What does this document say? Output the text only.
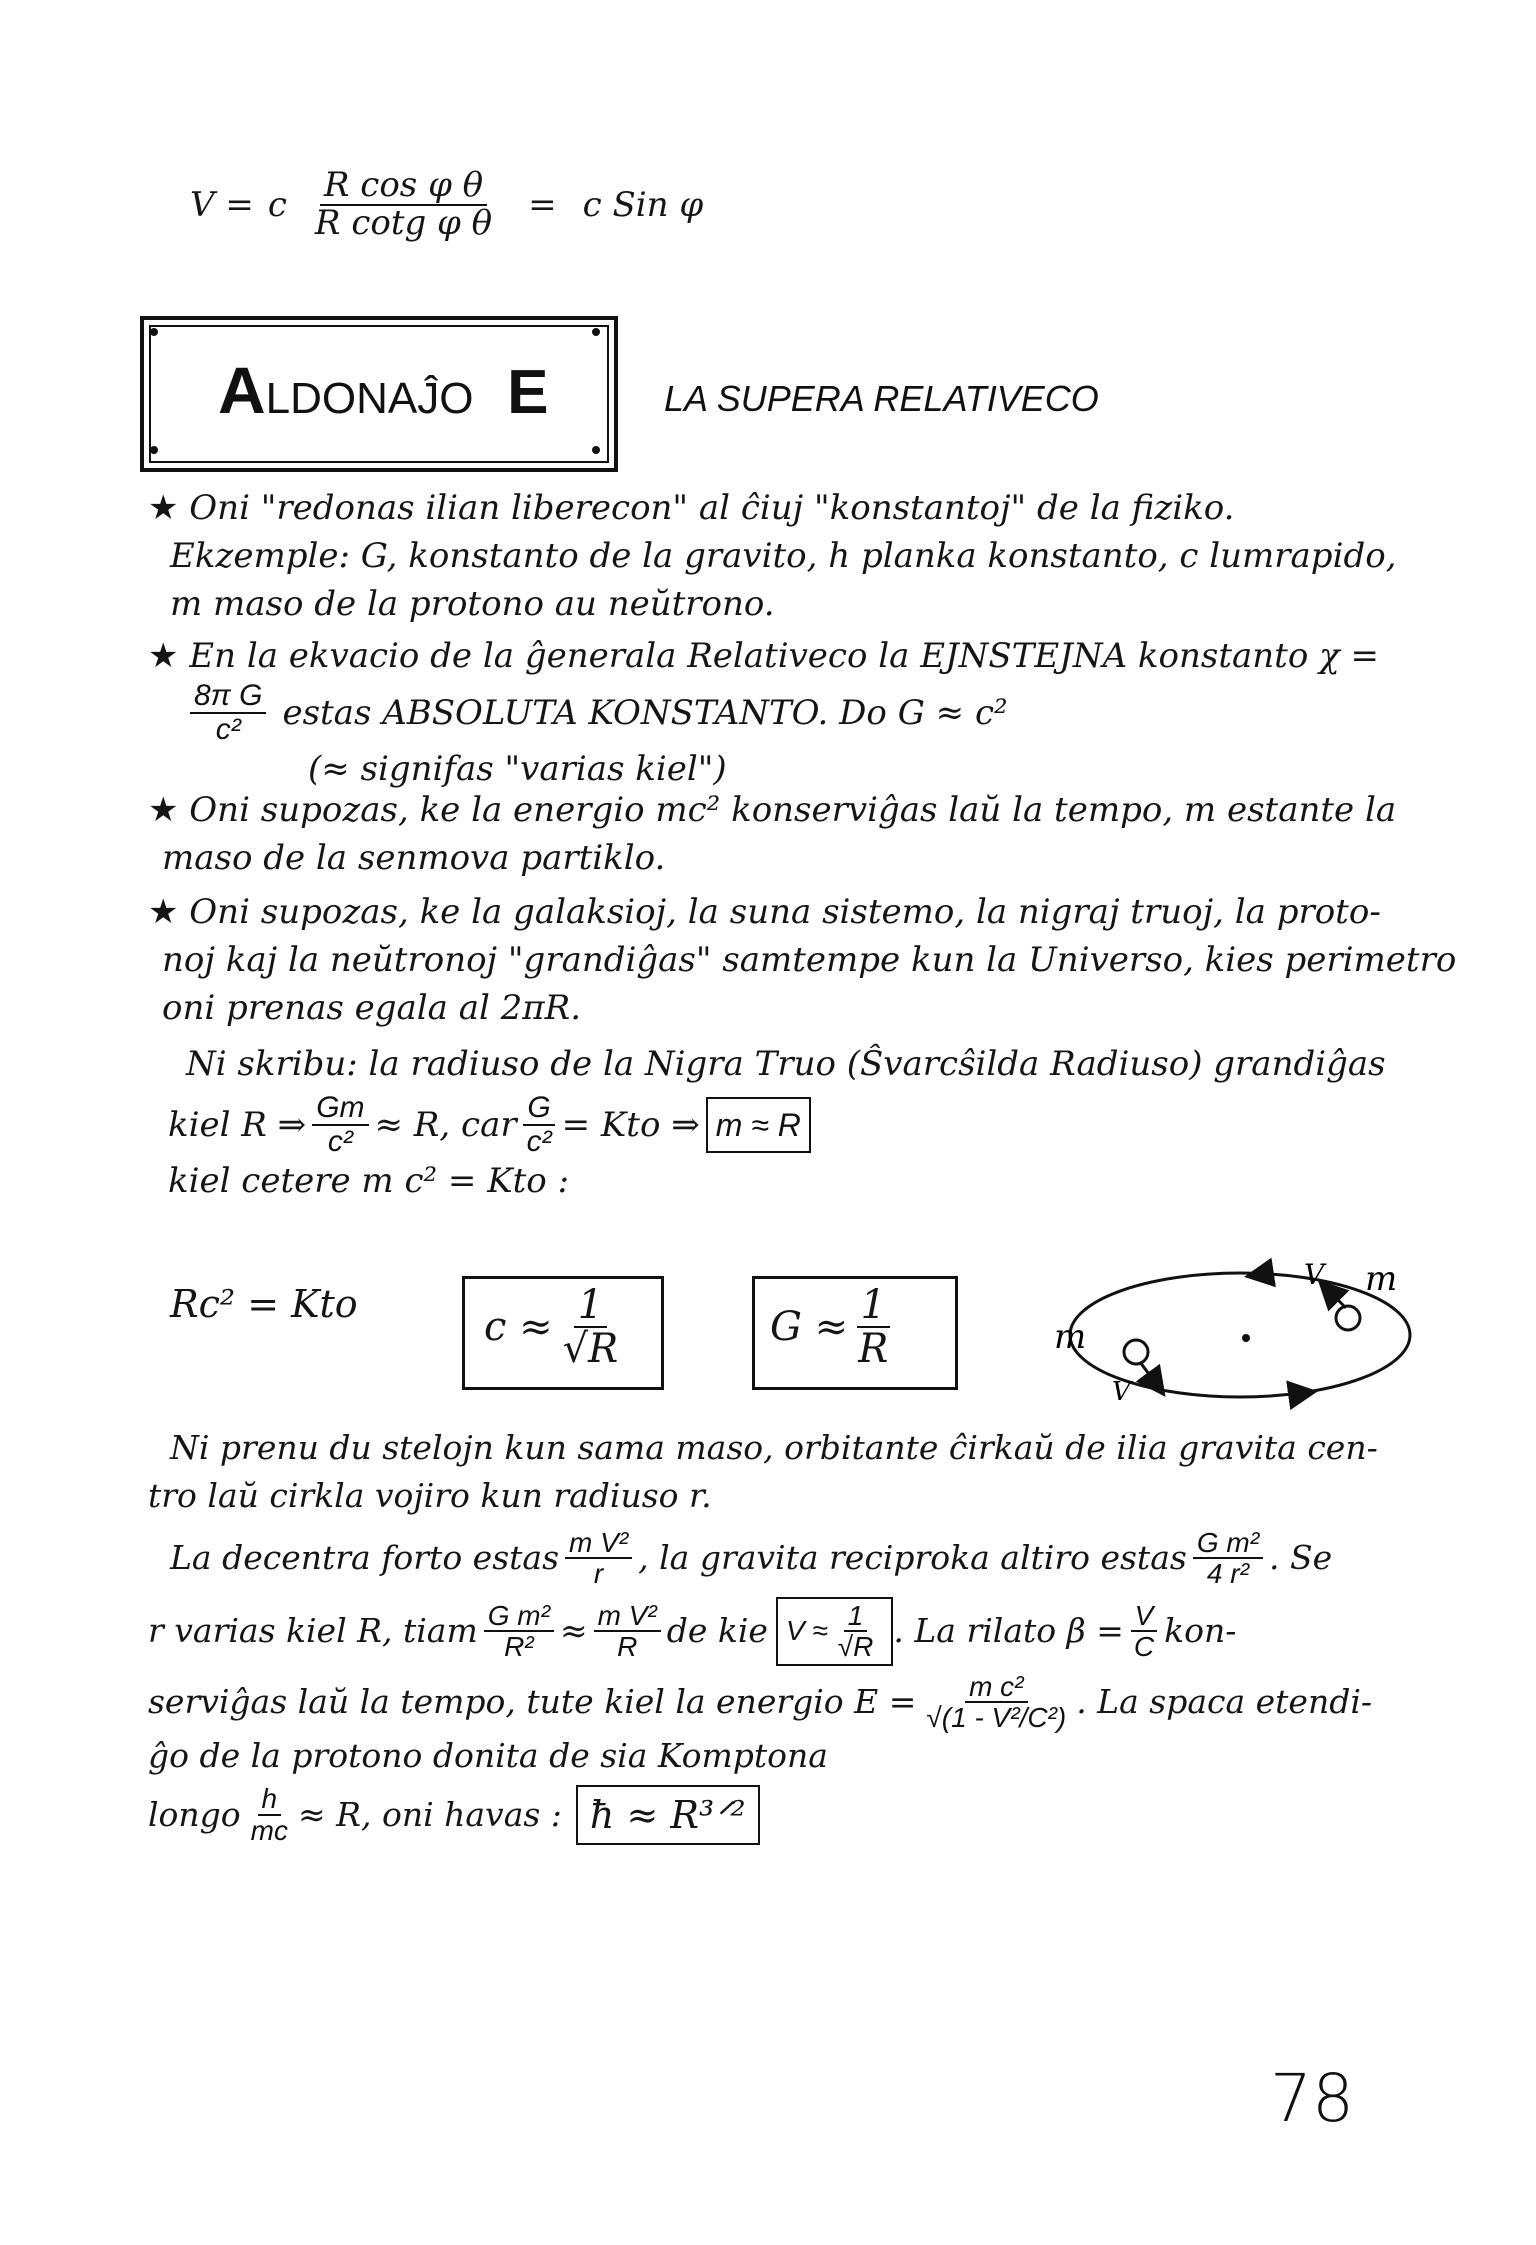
V = c $\frac{\text{R cos φ θ}}{\text{R cotg φ θ}} = c$ Sin φ
ALDONAĴO E	LA SUPERA RELATIVECO
★ Oni "redonas ilian liberecon" al ĉiuj "konstantoj" de la fiziko.
Ekzemple: G, konstanto de la gravito, h planka konstanto, c lumrapido,
m maso de la protono au neŭtrono.
★ En la ekvacio de la ĝenerala Relativeco la EJNSTEJNA konstanto χ =
$\frac{\text{8π G}}{\text{c²}}$ estas ABSOLUTA KONSTANTO. Do G ≈ c²
(≈ signifas "varias kiel")
★ Oni supozas, ke la energio mc² konserviĝas laŭ la tempo, m estante la
maso de la senmova partiklo.
★ Oni supozas, ke la galaksioj, la suna sistemo, la nigraj truoj, la proto-
noj kaj la neŭtronoj "grandiĝas" samtempe kun la Universo, kies perimetro
oni prenas egala al 2πR.
Ni skribu: la radiuso de la Nigra Truo (Ŝvarcŝilda Radiuso) grandiĝas
kiel R ⇒ $\frac{Gm}{\text{c²}} \approx R$, car $\frac{G}{\text{c²}}$ = Kto ⇒ m ≈ R
kiel cetere m c² = Kto :
Rc² = Kto	$c \approx \frac{1}{√R}$	$G \approx \frac{1}{R}$
V m
m
V
Ni prenu du stelojn kun sama maso, orbitante ĉirkaŭ de ilia gravita cen-
tro laŭ cirkla vojiro kun radiuso r.
La decentra forto estas $\frac{\text{m V²}}{r}$ , la gravita reciproka altiro estas $\frac{\text{G m²}}{\text{4 r²}}$ . Se
r varias kiel R, tiam $\frac{\text{G m²}}{\text{R²}} \approx \frac{\text{m V²}}{R}$ de kie $V \approx \frac{1}{√R}$ . La rilato $\beta = \frac{V}{C} kon-$
serviĝas laŭ la tempo, tute kiel la energio $E = \frac{\text{m c²}}{\text{√(1 - V²/C²)}}$ . La spaca etendi-
ĝo de la protono donita de sia Komptona
longo $\frac{h}{mc} \approx R$, oni havas : ħ ≈ R³ᐟ²
78
